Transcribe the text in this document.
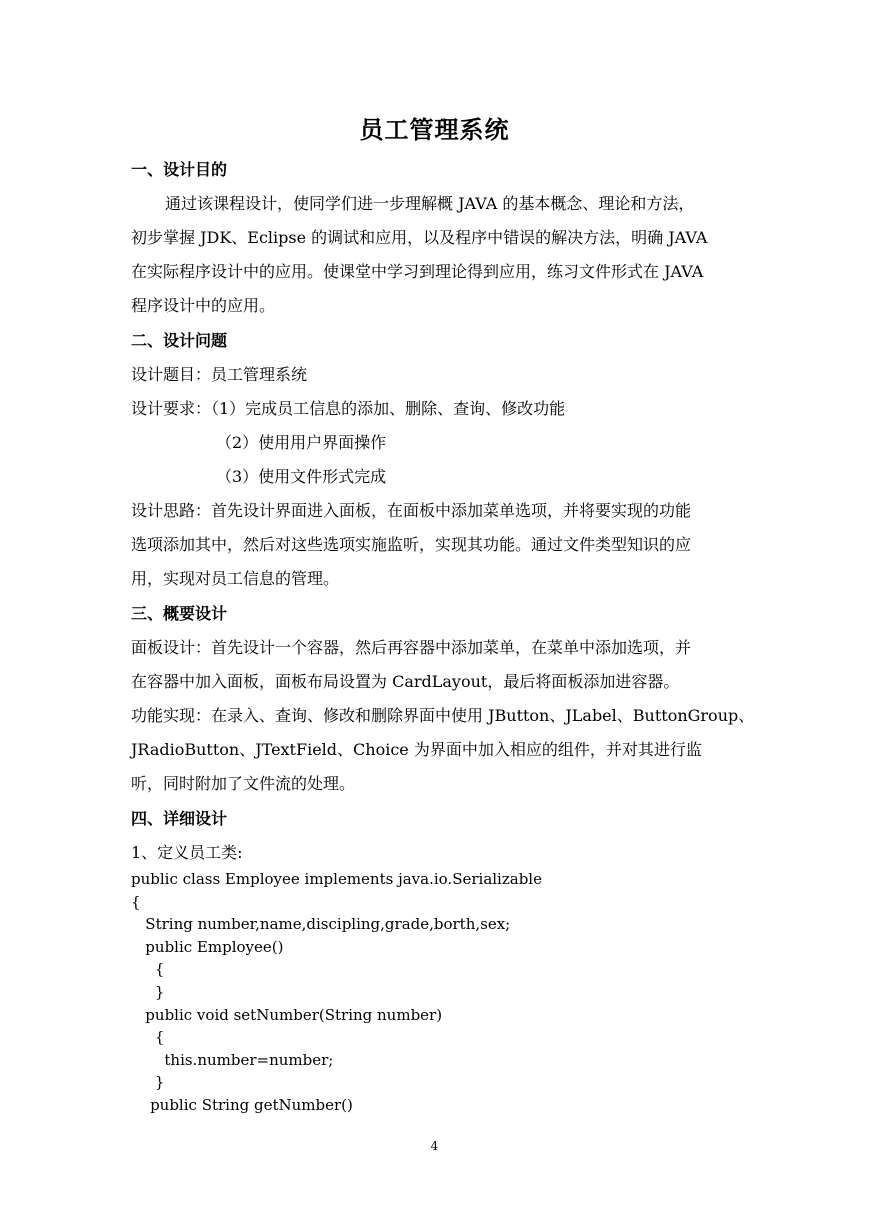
员工管理系统
一、设计目的
通过该课程设计，使同学们进一步理解概 JAVA 的基本概念、理论和方法，
初步掌握 JDK、Eclipse 的调试和应用，以及程序中错误的解决方法，明确 JAVA
在实际程序设计中的应用。使课堂中学习到理论得到应用，练习文件形式在 JAVA
程序设计中的应用。
二、设计问题
设计题目：员工管理系统
设计要求：（1）完成员工信息的添加、删除、查询、修改功能
（2）使用用户界面操作
（3）使用文件形式完成
设计思路：首先设计界面进入面板，在面板中添加菜单选项，并将要实现的功能
选项添加其中，然后对这些选项实施监听，实现其功能。通过文件类型知识的应
用，实现对员工信息的管理。
三、概要设计
面板设计：首先设计一个容器，然后再容器中添加菜单，在菜单中添加选项，并
在容器中加入面板，面板布局设置为 CardLayout，最后将面板添加进容器。
功能实现：在录入、查询、修改和删除界面中使用 JButton、JLabel、ButtonGroup、
JRadioButton、JTextField、Choice 为界面中加入相应的组件，并对其进行监
听，同时附加了文件流的处理。
四、详细设计
1、定义员工类:
public class Employee implements java.io.Serializable
{
String number,name,discipling,grade,borth,sex;
public Employee()
{
}
public void setNumber(String number)
{
this.number=number;
}
public String getNumber()
4
